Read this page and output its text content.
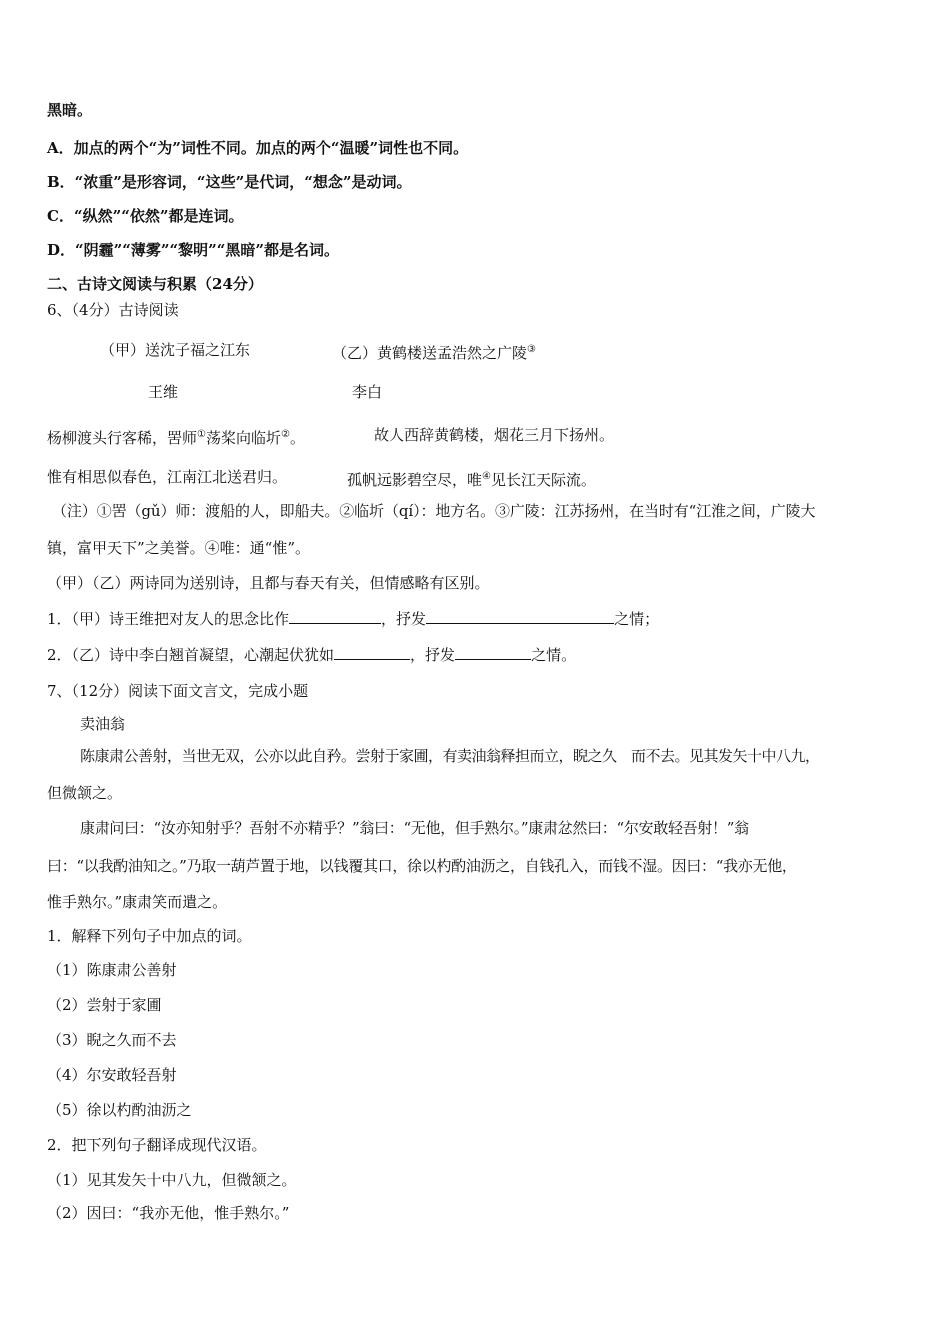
黑暗。
A．加点的两个“为”词性不同。加点的两个“温暖”词性也不同。
B．“浓重”是形容词，“这些”是代词，“想念”是动词。
C．“纵然”“依然”都是连词。
D．“阴霾”“薄雾”“黎明”“黑暗”都是名词。
二、古诗文阅读与积累（24分）
6、（4分）古诗阅读
（甲）送沈子福之江东	（乙）黄鹤楼送孟浩然之广陵③
王维	李白
杨柳渡头行客稀，罟师①荡桨向临圻②。	故人西辞黄鹤楼，烟花三月下扬州。
惟有相思似春色，江南江北送君归。	孤帆远影碧空尽，唯④见长江天际流。
（注）①罟（gǔ）师：渡船的人，即船夫。②临圻（qí）：地方名。③广陵：江苏扬州，在当时有“江淮之间，广陵大
镇，富甲天下”之美誉。④唯：通“惟”。
（甲）（乙）两诗同为送别诗，且都与春天有关，但情感略有区别。
1．（甲）诗王维把对友人的思念比作	，抒发	之情；
2．（乙）诗中李白翘首凝望，心潮起伏犹如	，抒发	之情。
7、（12分）阅读下面文言文，完成小题
卖油翁
陈康肃公善射，当世无双，公亦以此自矜。尝射于家圃，有卖油翁释担而立，睨之久　而不去。见其发矢十中八九，
但微颔之。
康肃问曰：“汝亦知射乎？吾射不亦精乎？”翁曰：“无他，但手熟尔。”康肃忿然曰：“尔安敢轻吾射！”翁
曰：“以我酌油知之。”乃取一葫芦置于地，以钱覆其口，徐以杓酌油沥之，自钱孔入，而钱不湿。因曰：“我亦无他，
惟手熟尔。”康肃笑而遣之。
1．解释下列句子中加点的词。
（1）陈康肃公善射
（2）尝射于家圃
（3）睨之久而不去
（4）尔安敢轻吾射
（5）徐以杓酌油沥之
2．把下列句子翻译成现代汉语。
（1）见其发矢十中八九，但微颔之。
（2）因曰：“我亦无他，惟手熟尔。”
